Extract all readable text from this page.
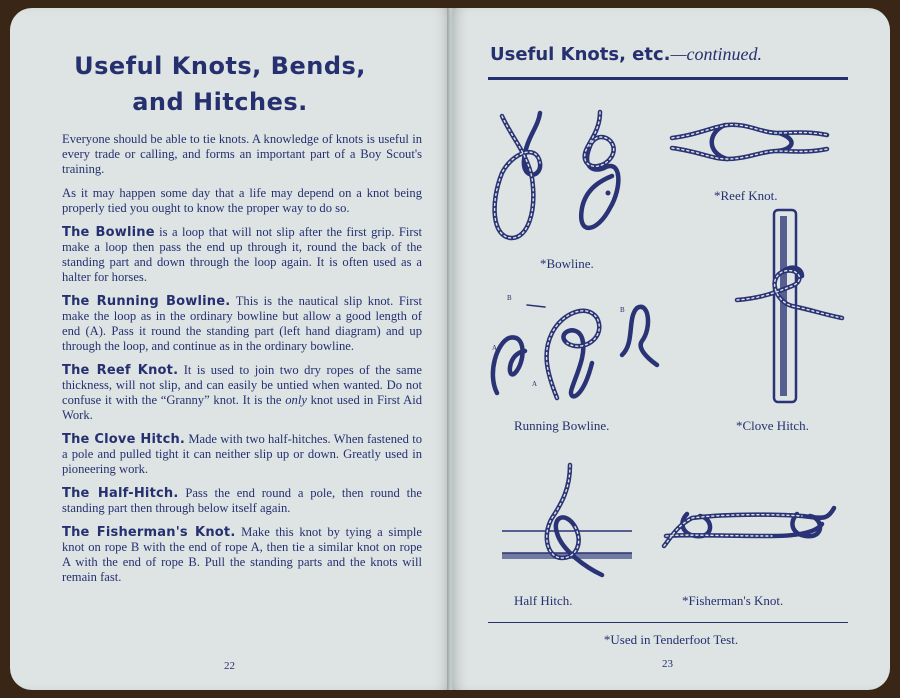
Useful Knots, Bends,
and Hitches.

Everyone should be able to tie knots. A knowledge of knots is useful in every trade or calling, and forms an important part of a Boy Scout's training.

As it may happen some day that a life may depend on a knot being properly tied you ought to know the proper way to do so.

The Bowline is a loop that will not slip after the first grip. First make a loop then pass the end up through it, round the back of the standing part and down through the loop again. It is often used as a halter for horses.

The Running Bowline. This is the nautical slip knot. First make the loop as in the ordinary bowline but allow a good length of end (A). Pass it round the standing part (left hand diagram) and up through the loop, and continue as in the ordinary bowline.

The Reef Knot. It is used to join two dry ropes of the same thickness, will not slip, and can easily be untied when wanted. Do not confuse it with the “Granny” knot. It is the only knot used in First Aid Work.

The Clove Hitch. Made with two half-hitches. When fastened to a pole and pulled tight it can neither slip up or down. Greatly used in pioneering work.

The Half-Hitch. Pass the end round a pole, then round the standing part then through below itself again.

The Fisherman's Knot. Make this knot by tying a simple knot on rope B with the end of rope A, then tie a similar knot on rope A with the end of rope B. Pull the standing parts and the knots will remain fast.

22
Useful Knots, etc.—continued.
*Bowline.
*Reef Knot.
B
B
A
A
Running Bowline.	*Clove Hitch.
Half Hitch.	*Fisherman's Knot.
*Used in Tenderfoot Test.
23
